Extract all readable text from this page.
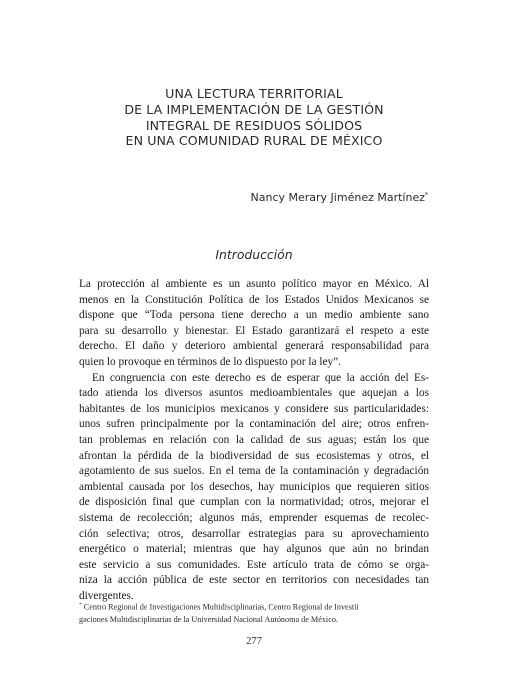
UNA LECTURA TERRITORIAL
DE LA IMPLEMENTACIÓN DE LA GESTIÓN
INTEGRAL DE RESIDUOS SÓLIDOS
EN UNA COMUNIDAD RURAL DE MÉXICO
Nancy Merary Jiménez Martínez*
Introducción
La protección al ambiente es un asunto político mayor en México. Al
menos en la Constitución Política de los Estados Unidos Mexicanos se
dispone que “Toda persona tiene derecho a un medio ambiente sano
para su desarrollo y bienestar. El Estado garantizará el respeto a este
derecho. El daño y deterioro ambiental generará responsabilidad para
quien lo provoque en términos de lo dispuesto por la ley”.
En congruencia con este derecho es de esperar que la acción del Es-
tado atienda los diversos asuntos medioambientales que aquejan a los
habitantes de los municipios mexicanos y considere sus particularidades:
unos sufren principalmente por la contaminación del aire; otros enfren-
tan problemas en relación con la calidad de sus aguas; están los que
afrontan la pérdida de la biodiversidad de sus ecosistemas y otros, el
agotamiento de sus suelos. En el tema de la contaminación y degradación
ambiental causada por los desechos, hay municipios que requieren sitios
de disposición final que cumplan con la normatividad; otros, mejorar el
sistema de recolección; algunos más, emprender esquemas de recolec-
ción selectiva; otros, desarrollar estrategias para su aprovechamiento
energético o material; mientras que hay algunos que aún no brindan
este servicio a sus comunidades. Este artículo trata de cómo se orga-
niza la acción pública de este sector en territorios con necesidades tan
divergentes.
* Centro Regional de Investigaciones Multidisciplinarias, Centro Regional de Investii
gaciones Multidisciplinarias de la Universidad Nacional Autónoma de México.
277
